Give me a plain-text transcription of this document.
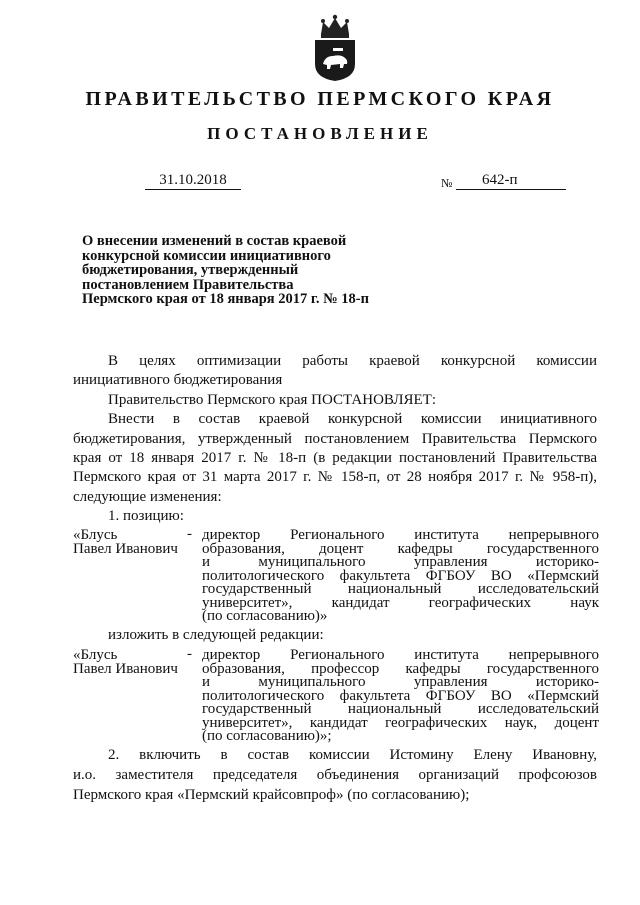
ПРАВИТЕЛЬСТВО ПЕРМСКОГО КРАЯ
ПОСТАНОВЛЕНИЕ
31.10.2018	№	642-п
О внесении изменений в состав краевой
конкурсной комиссии инициативного
бюджетирования, утвержденный
постановлением Правительства
Пермского края от 18 января 2017 г. № 18-п
В целях оптимизации работы краевой конкурсной комиссии
инициативного бюджетирования
Правительство Пермского края ПОСТАНОВЛЯЕТ:
Внести в состав краевой конкурсной комиссии инициативного
бюджетирования, утвержденный постановлением Правительства Пермского
края от 18 января 2017 г. № 18-п (в редакции постановлений Правительства
Пермского края от 31 марта 2017 г. № 158-п, от 28 ноября 2017 г. № 958-п),
следующие изменения:
1. позицию:
«Блусь
Павел Иванович
- директор Регионального института непрерывного
образования, доцент кафедры государственного
и муниципального управления историко-
политологического факультета ФГБОУ ВО «Пермский
государственный национальный исследовательский
университет», кандидат географических наук
(по согласованию)»
изложить в следующей редакции:
«Блусь
Павел Иванович
- директор Регионального института непрерывного
образования, профессор кафедры государственного
и муниципального управления историко-
политологического факультета ФГБОУ ВО «Пермский
государственный национальный исследовательский
университет», кандидат географических наук, доцент
(по согласованию)»;
2. включить в состав комиссии Истомину Елену Ивановну,
и.о. заместителя председателя объединения организаций профсоюзов
Пермского края «Пермский крайсовпроф» (по согласованию);
